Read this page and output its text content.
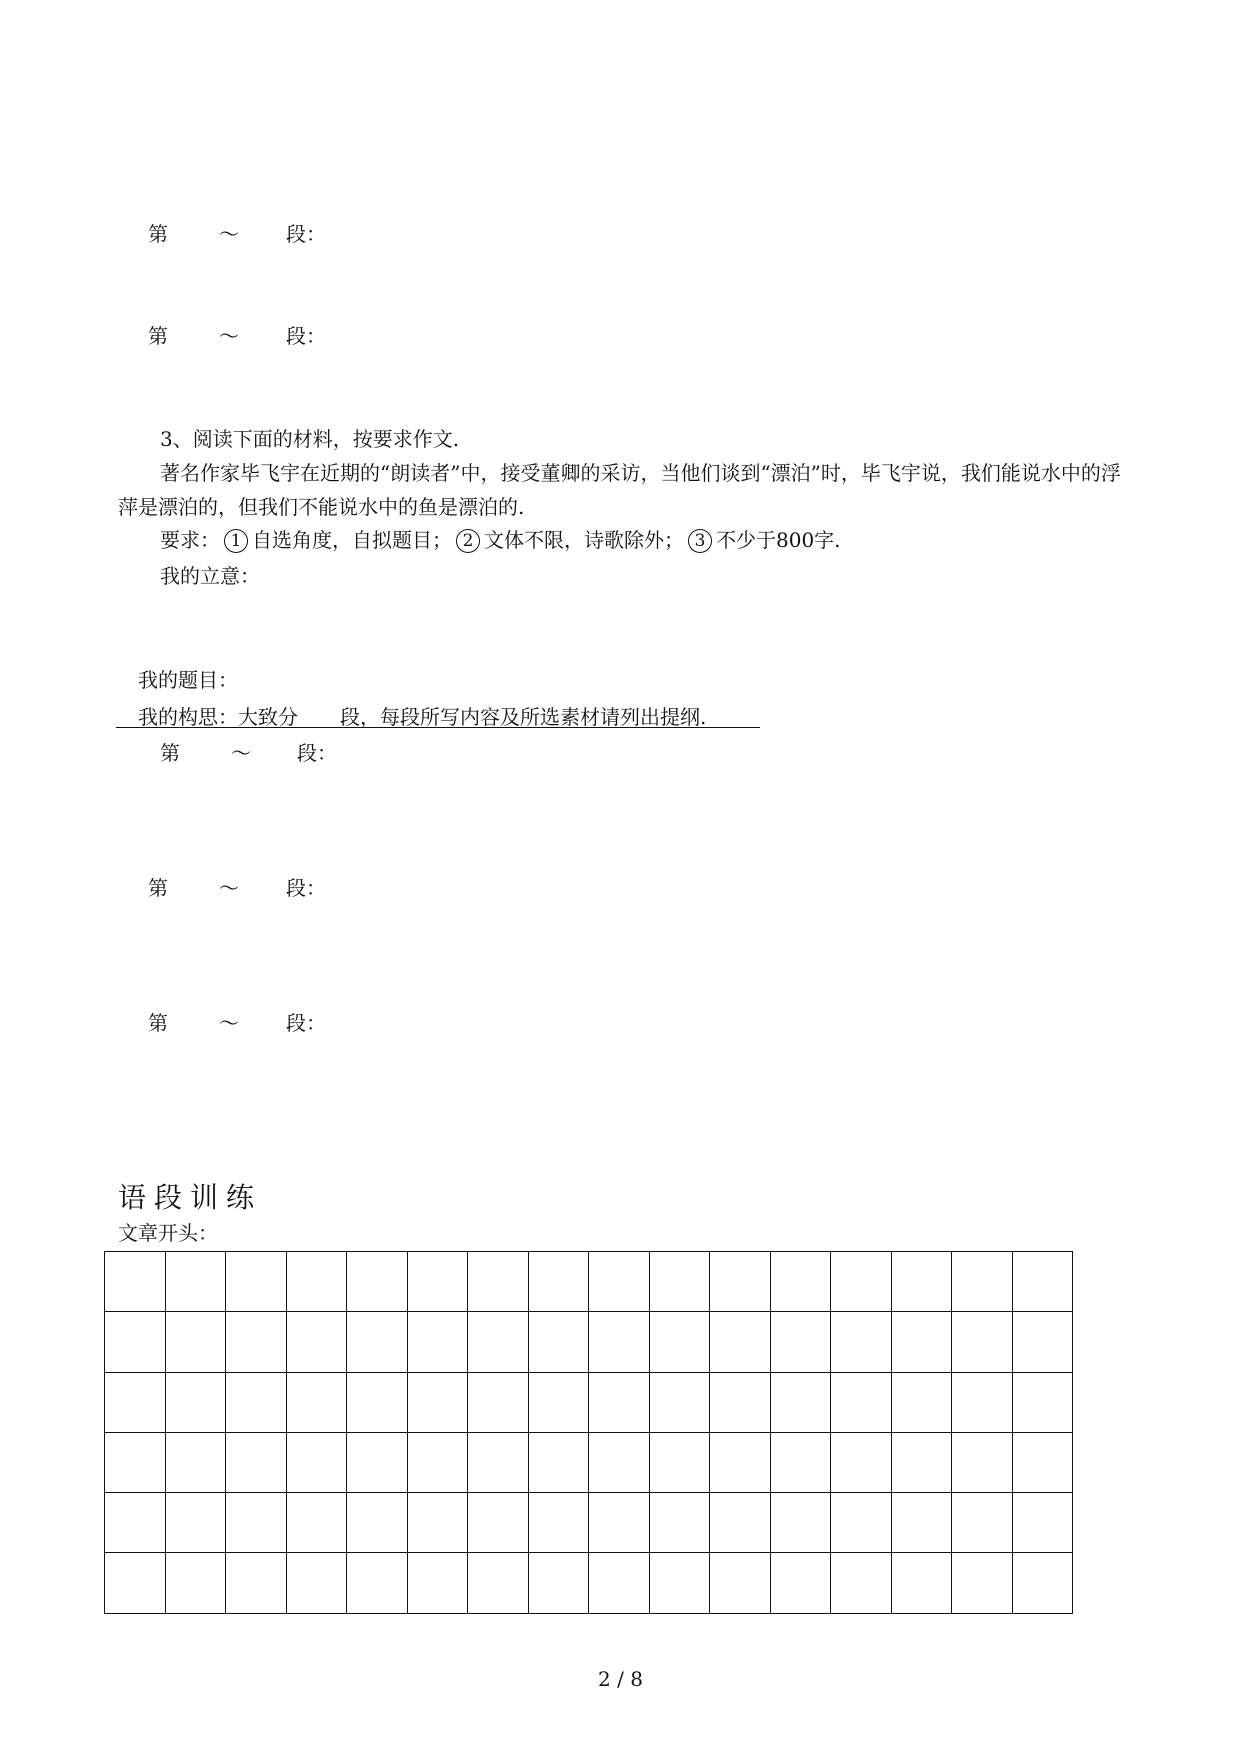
第	～ 段：
第	～ 段：
3、阅读下面的材料，按要求作文.
著名作家毕飞宇在近期的“朗读者”中，接受董卿的采访，当他们谈到“漂泊”时，毕飞宇说，我们能说水中的浮萍是漂泊的，但我们不能说水中的鱼是漂泊的.
要求： 1 自选角度，自拟题目； 2 文体不限，诗歌除外； 3 不少于800字.
我的立意：
我的题目：
我的构思：大致分 段，每段所写内容及所选素材请列出提纲.
第	～ 段：
第	～ 段：
第	～ 段：
语段训练
文章开头：

2 / 8
